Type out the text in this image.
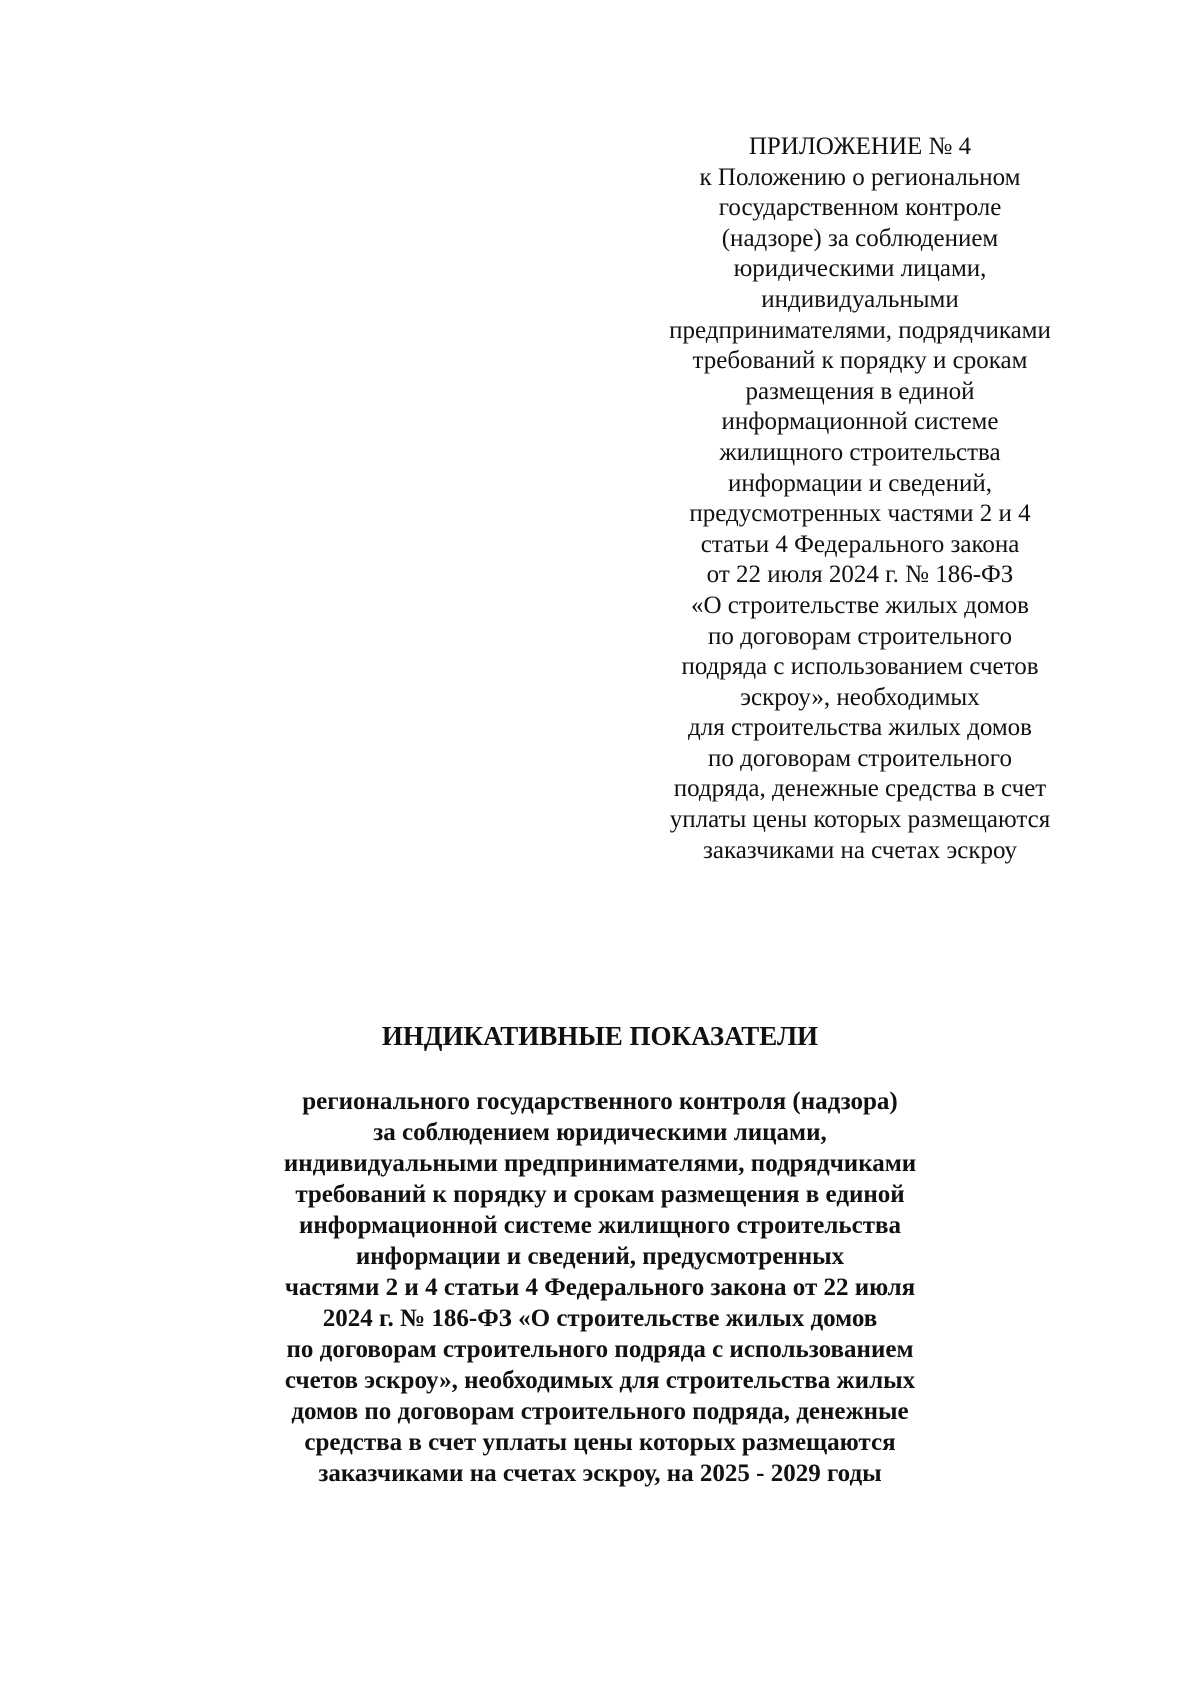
ПРИЛОЖЕНИЕ № 4
к Положению о региональном
государственном контроле
(надзоре) за соблюдением
юридическими лицами,
индивидуальными
предпринимателями, подрядчиками
требований к порядку и срокам
размещения в единой
информационной системе
жилищного строительства
информации и сведений,
предусмотренных частями 2 и 4
статьи 4 Федерального закона
от 22 июля 2024 г. № 186-ФЗ
«О строительстве жилых домов
по договорам строительного
подряда с использованием счетов
эскроу», необходимых
для строительства жилых домов
по договорам строительного
подряда, денежные средства в счет
уплаты цены которых размещаются
заказчиками на счетах эскроу
ИНДИКАТИВНЫЕ ПОКАЗАТЕЛИ
регионального государственного контроля (надзора)
за соблюдением юридическими лицами,
индивидуальными предпринимателями, подрядчиками
требований к порядку и срокам размещения в единой
информационной системе жилищного строительства
информации и сведений, предусмотренных
частями 2 и 4 статьи 4 Федерального закона от 22 июля
2024 г. № 186-ФЗ «О строительстве жилых домов
по договорам строительного подряда с использованием
счетов эскроу», необходимых для строительства жилых
домов по договорам строительного подряда, денежные
средства в счет уплаты цены которых размещаются
заказчиками на счетах эскроу, на 2025 - 2029 годы
